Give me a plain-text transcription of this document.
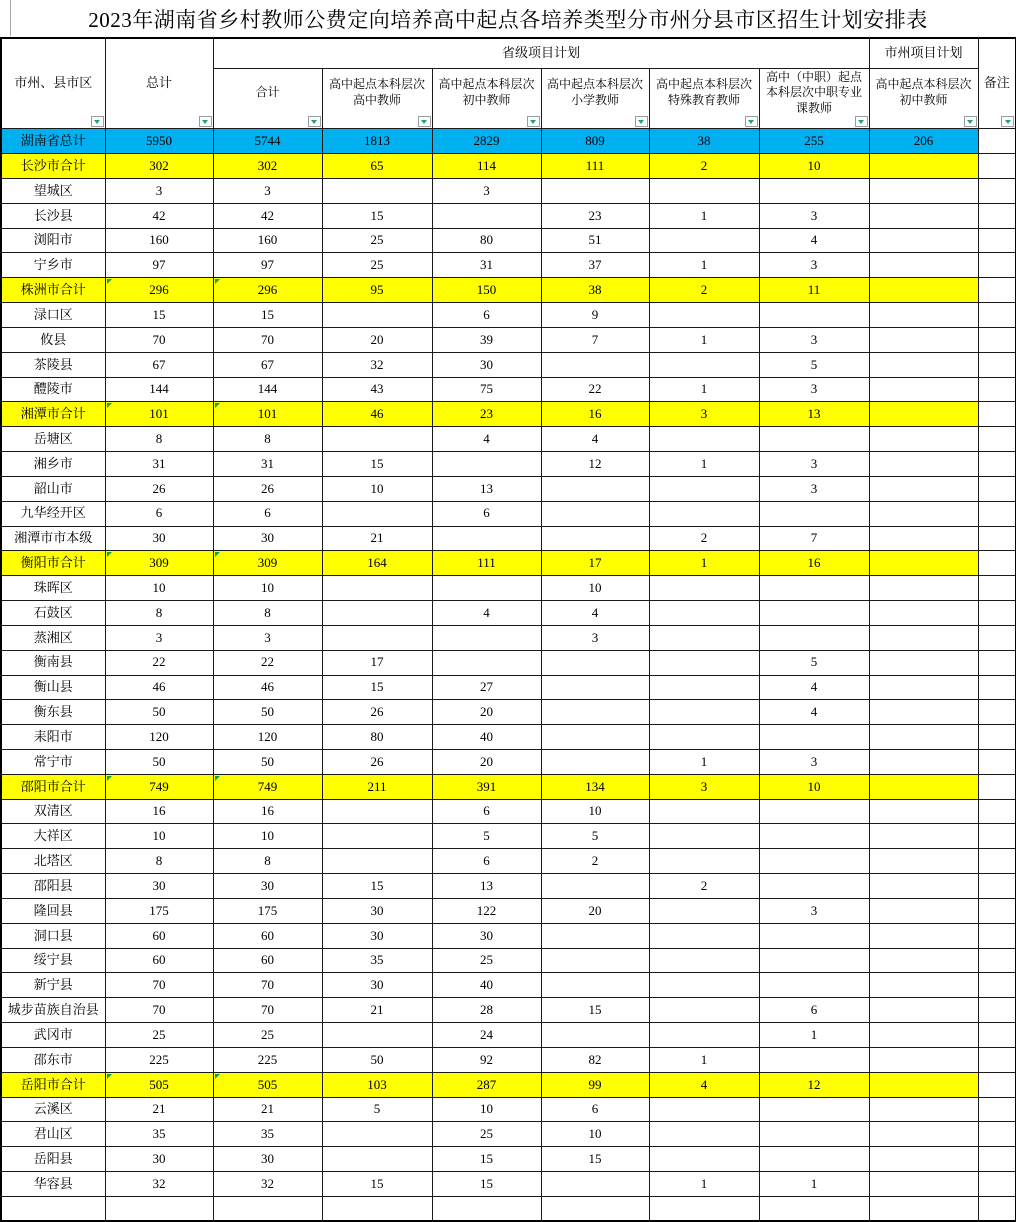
2023年湖南省乡村教师公费定向培养高中起点各培养类型分市州分县市区招生计划安排表
市州、县市区	总计	省级项目计划						市州项目计划	备注

		合计	高中起点本科层次高中教师	高中起点本科层次初中教师	高中起点本科层次小学教师	高中起点本科层次特殊教育教师	高中（中职）起点本科层次中职专业课教师	高中起点本科层次初中教师	

湖南省总计	5950	5744	1813	2829	809	38	255	206	
长沙市合计	302	302	65	114	111	2	10		
望城区	3	3		3					
长沙县	42	42	15		23	1	3		
浏阳市	160	160	25	80	51		4		
宁乡市	97	97	25	31	37	1	3		
株洲市合计	296	296	95	150	38	2	11		
渌口区	15	15		6	9				
攸县	70	70	20	39	7	1	3		
茶陵县	67	67	32	30			5		
醴陵市	144	144	43	75	22	1	3		
湘潭市合计	101	101	46	23	16	3	13		
岳塘区	8	8		4	4				
湘乡市	31	31	15		12	1	3		
韶山市	26	26	10	13			3		
九华经开区	6	6		6					
湘潭市市本级	30	30	21			2	7		
衡阳市合计	309	309	164	111	17	1	16		
珠晖区	10	10			10				
石鼓区	8	8		4	4				
蒸湘区	3	3			3				
衡南县	22	22	17				5		
衡山县	46	46	15	27			4		
衡东县	50	50	26	20			4		
耒阳市	120	120	80	40					
常宁市	50	50	26	20		1	3		
邵阳市合计	749	749	211	391	134	3	10		
双清区	16	16		6	10				
大祥区	10	10		5	5				
北塔区	8	8		6	2				
邵阳县	30	30	15	13		2			
隆回县	175	175	30	122	20		3		
洞口县	60	60	30	30					
绥宁县	60	60	35	25					
新宁县	70	70	30	40					
城步苗族自治县	70	70	21	28	15		6		
武冈市	25	25		24			1		
邵东市	225	225	50	92	82	1			
岳阳市合计	505	505	103	287	99	4	12		
云溪区	21	21	5	10	6				
君山区	35	35		25	10				
岳阳县	30	30		15	15				
华容县	32	32	15	15		1	1		
